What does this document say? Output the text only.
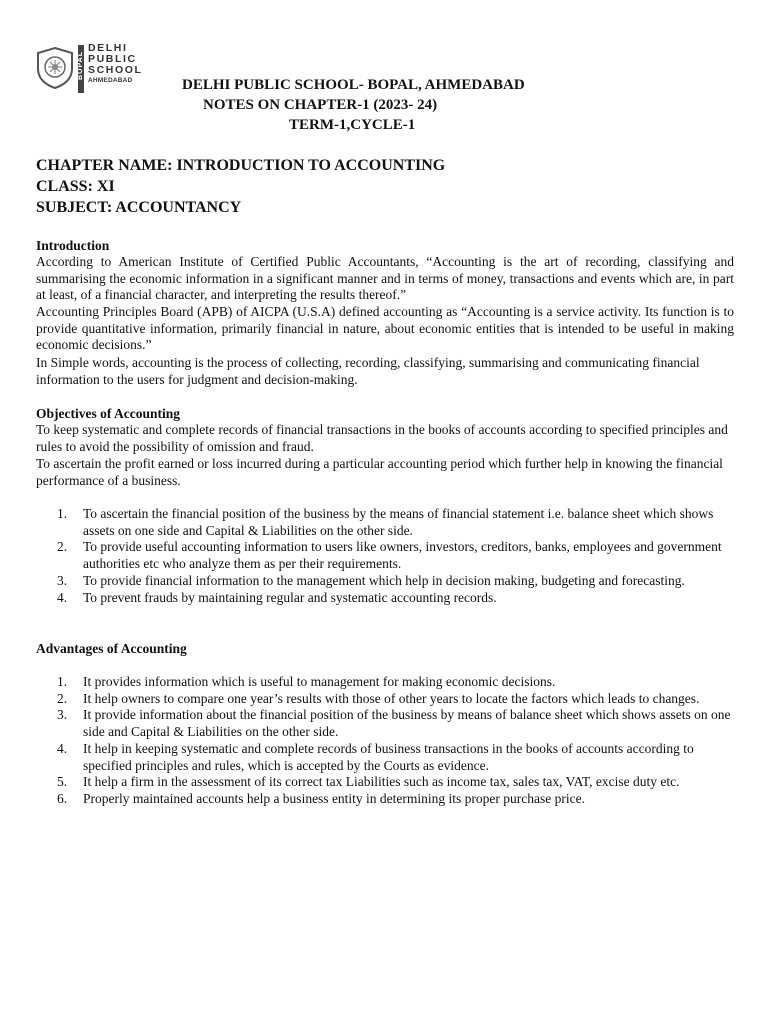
BOPAL
DELHI
PUBLIC
SCHOOL
AHMEDABAD	DELHI PUBLIC SCHOOL- BOPAL, AHMEDABAD
NOTES ON CHAPTER-1 (2023- 24)
TERM-1,CYCLE-1
CHAPTER NAME: INTRODUCTION TO ACCOUNTING
CLASS: XI
SUBJECT: ACCOUNTANCY
Introduction
According to American Institute of Certified Public Accountants, “Accounting is the art of recording, classifying and summarising the economic information in a significant manner and in terms of money, transactions and events which are, in part at least, of a financial character, and interpreting the results thereof.”
Accounting Principles Board (APB) of AICPA (U.S.A) defined accounting as “Accounting is a service activity. Its function is to provide quantitative information, primarily financial in nature, about economic entities that is intended to be useful in making economic decisions.”
In Simple words, accounting is the process of collecting, recording, classifying, summarising and communicating financial information to the users for judgment and decision-making.
Objectives of Accounting
To keep systematic and complete records of financial transactions in the books of accounts according to specified principles and rules to avoid the possibility of omission and fraud.
To ascertain the profit earned or loss incurred during a particular accounting period which further help in knowing the financial performance of a business.
1. To ascertain the financial position of the business by the means of financial statement i.e. balance sheet which shows assets on one side and Capital & Liabilities on the other side.
2. To provide useful accounting information to users like owners, investors, creditors, banks, employees and government authorities etc who analyze them as per their requirements.
3. To provide financial information to the management which help in decision making, budgeting and forecasting.
4. To prevent frauds by maintaining regular and systematic accounting records.
Advantages of Accounting
1. It provides information which is useful to management for making economic decisions.
2. It help owners to compare one year’s results with those of other years to locate the factors which leads to changes.
3. It provide information about the financial position of the business by means of balance sheet which shows assets on one side and Capital & Liabilities on the other side.
4. It help in keeping systematic and complete records of business transactions in the books of accounts according to specified principles and rules, which is accepted by the Courts as evidence.
5. It help a firm in the assessment of its correct tax Liabilities such as income tax, sales tax, VAT, excise duty etc.
6. Properly maintained accounts help a business entity in determining its proper purchase price.
